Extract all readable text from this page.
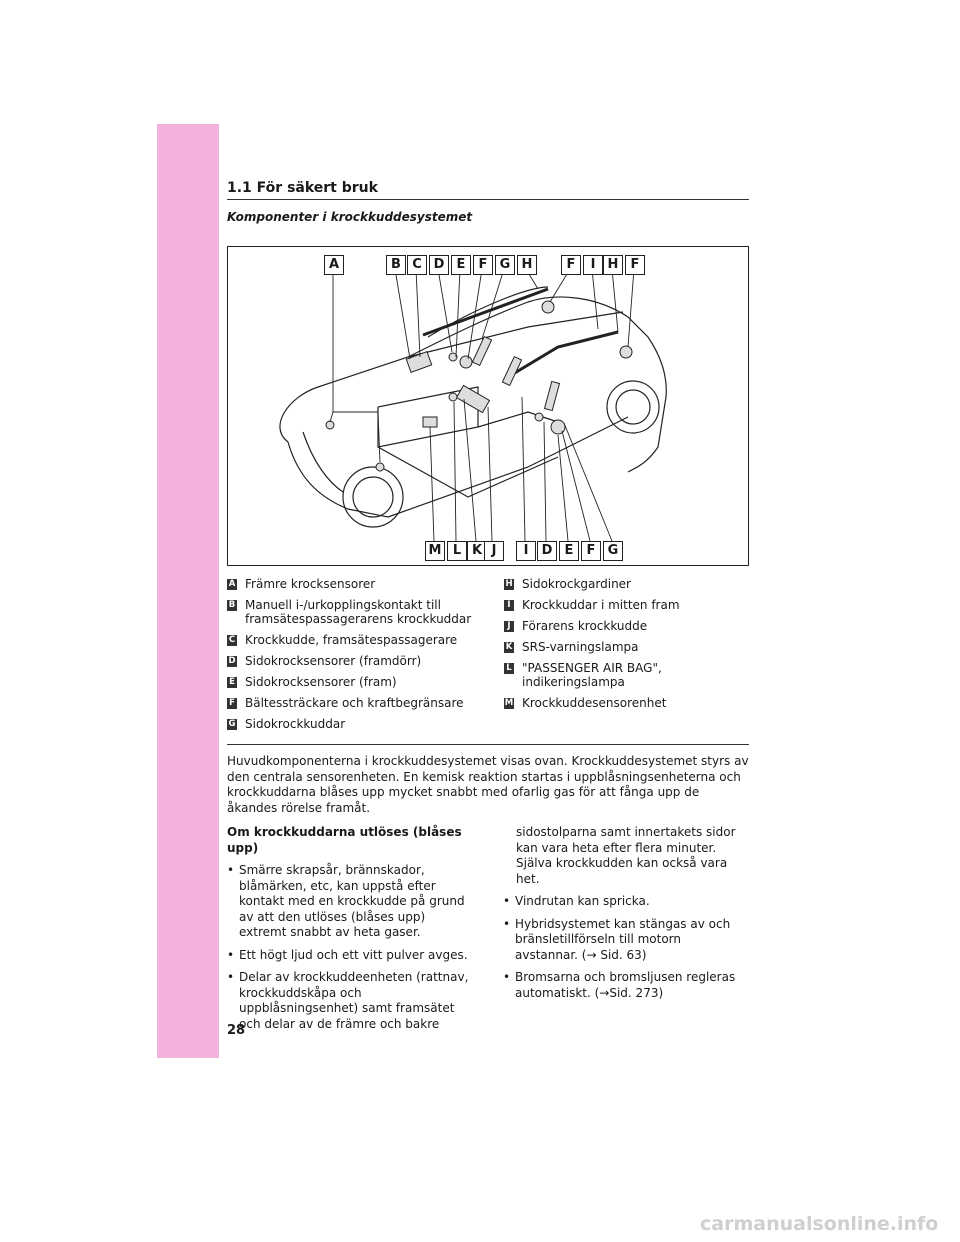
1.1 För säkert bruk
Komponenter i krockkuddesystemet
A	B C D E	F G H	F	I H F
M L K J	I	D E	F G
A Främre krocksensorer
B Manuell i-/urkopplingskontakt till
framsätespassagerarens krockkuddar
C Krockkudde, framsätespassagerare
D Sidokrocksensorer (framdörr)
E Sidokrocksensorer (fram)
F Bältessträckare och kraftbegränsare
G Sidokrockkuddar
H Sidokrockgardiner
I Krockkuddar i mitten fram
J Förarens krockkudde
K SRS-varningslampa
L "PASSENGER AIR BAG",
indikeringslampa
M Krockkuddesensorenhet
Huvudkomponenterna i krockkuddesystemet visas ovan. Krockkuddesystemet styrs av den centrala sensorenheten. En kemisk reaktion startas i uppblåsningsenheterna och krockkuddarna blåses upp mycket snabbt med ofarlig gas för att fånga upp de åkandes rörelse framåt.
Om krockkuddarna utlöses (blåses upp)
• Smärre skrapsår, brännskador,
blåmärken, etc, kan uppstå efter
kontakt med en krockkudde på grund
av att den utlöses (blåses upp)
extremt snabbt av heta gaser.
• Ett högt ljud och ett vitt pulver avges.
• Delar av krockkuddeenheten (rattnav,
krockkuddskåpa och
uppblåsningsenhet) samt framsätet
och delar av de främre och bakre
sidostolparna samt innertakets sidor
kan vara heta efter flera minuter.
Själva krockkudden kan också vara
het.
• Vindrutan kan spricka.
• Hybridsystemet kan stängas av och
bränsletillförseln till motorn
avstannar. (→ Sid. 63)
• Bromsarna och bromsljusen regleras
automatiskt. (→Sid. 273)
28
carmanualsonline.info
